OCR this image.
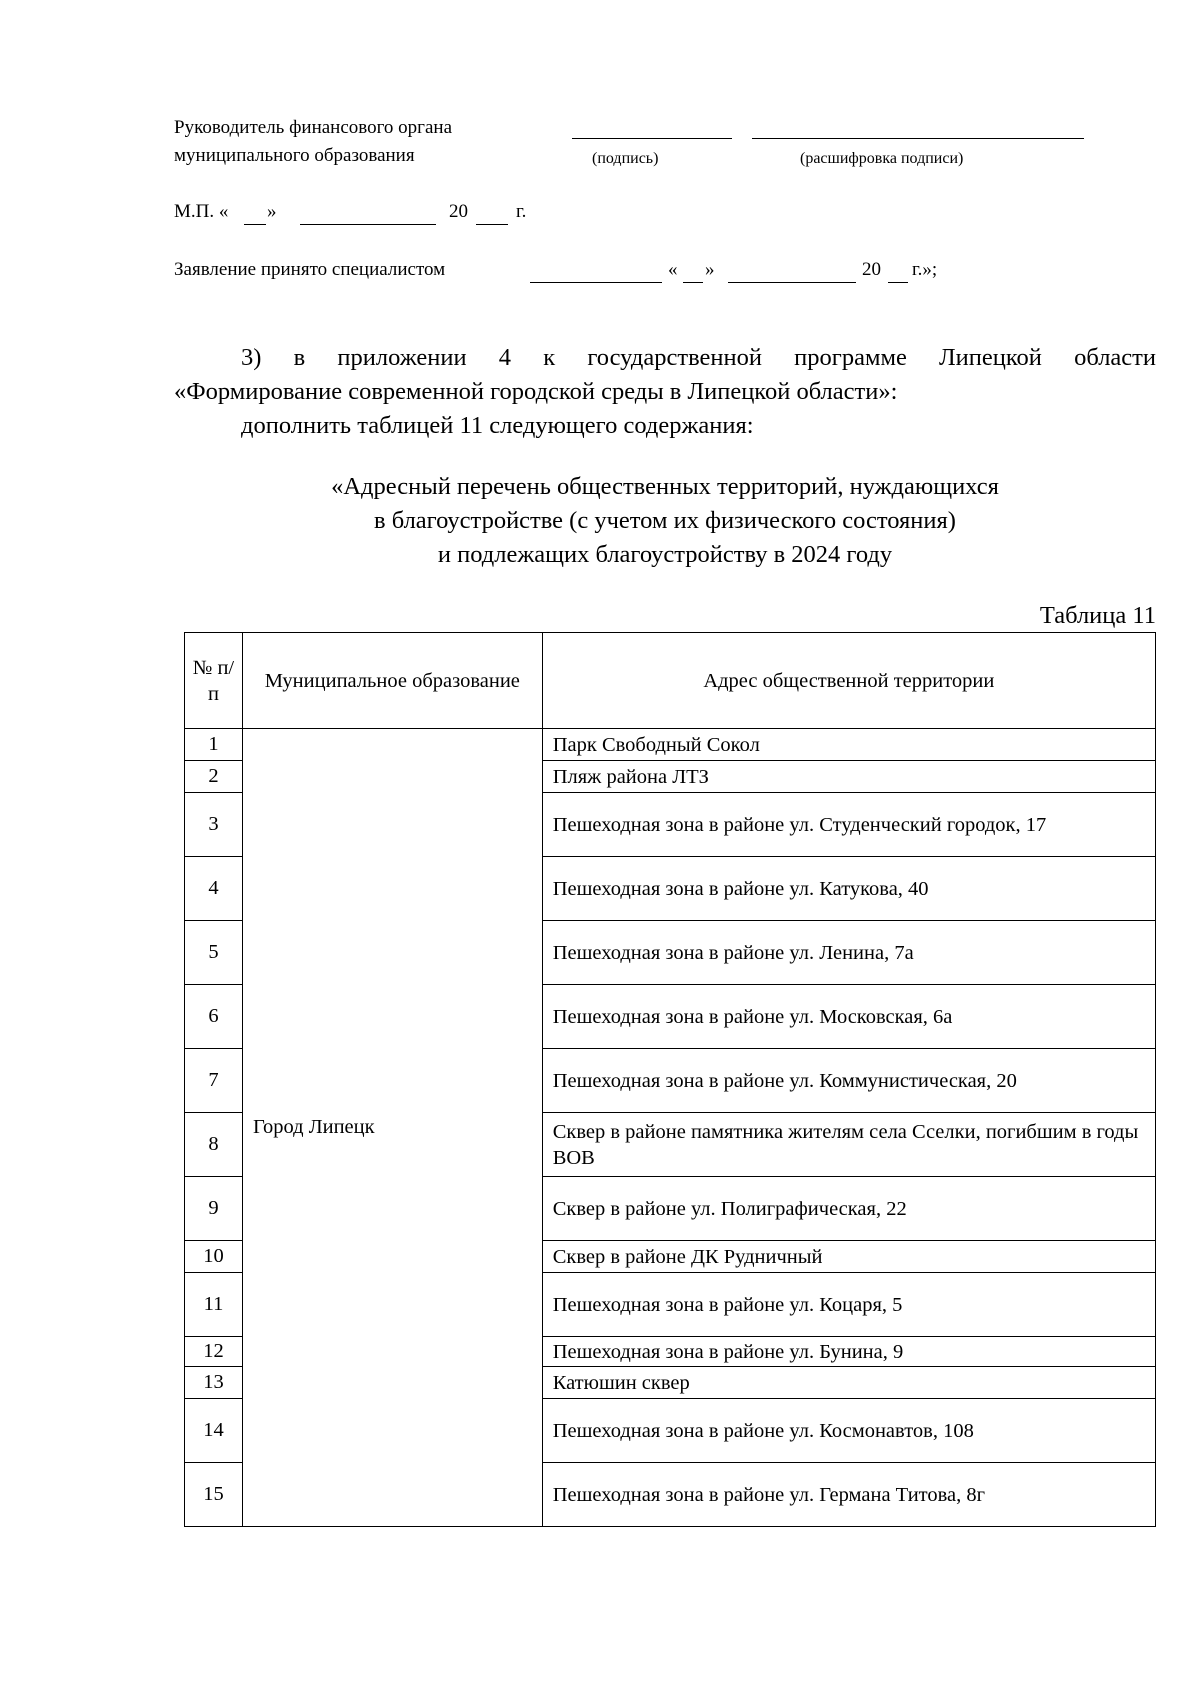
Руководитель финансового органа
муниципального образования	(подпись)	(расшифровка подписи)
М.П. « »	20	г.
Заявление принято специалистом	« »	20 г.»;
3) в приложении 4 к государственной программе Липецкой области
«Формирование современной городской среды в Липецкой области»:
дополнить таблицей 11 следующего содержания:
«Адресный перечень общественных территорий, нуждающихся
в благоустройстве (с учетом их физического состояния)
и подлежащих благоустройству в 2024 году
Таблица 11
№ п/п	Муниципальное образование	Адрес общественной территории
1	Город Липецк	Парк Свободный Сокол
2		Пляж района ЛТЗ
3		Пешеходная зона в районе ул. Студенческий городок, 17
4		Пешеходная зона в районе ул. Катукова, 40
5		Пешеходная зона в районе ул. Ленина, 7а
6		Пешеходная зона в районе ул. Московская, 6а
7		Пешеходная зона в районе ул. Коммунистическая, 20
8		Сквер в районе памятника жителям села Сселки, погибшим в годы ВОВ
9		Сквер в районе ул. Полиграфическая, 22
10		Сквер в районе ДК Рудничный
11		Пешеходная зона в районе ул. Коцаря, 5
12		Пешеходная зона в районе ул. Бунина, 9
13		Катюшин сквер
14		Пешеходная зона в районе ул. Космонавтов, 108
15		Пешеходная зона в районе ул. Германа Титова, 8г
